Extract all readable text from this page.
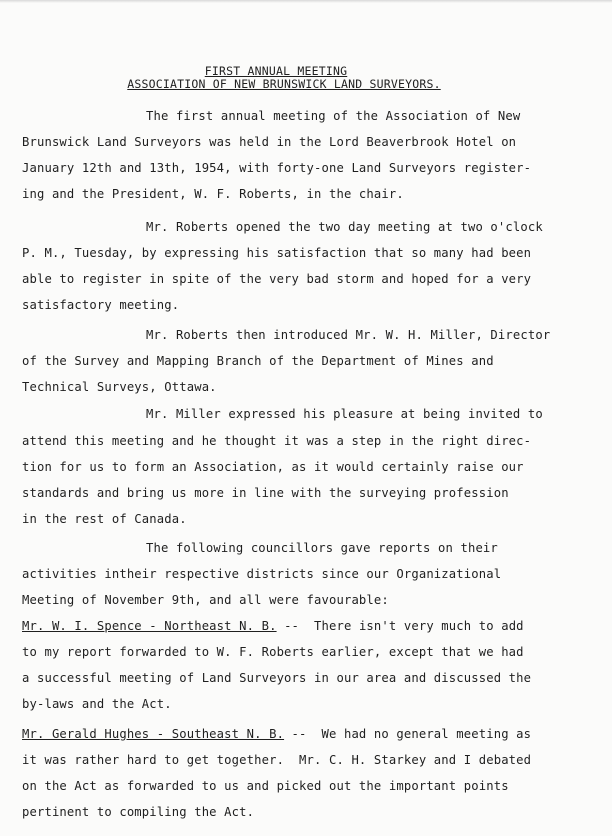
FIRST ANNUAL MEETING
ASSOCIATION OF NEW BRUNSWICK LAND SURVEYORS.
The first annual meeting of the Association of New
Brunswick Land Surveyors was held in the Lord Beaverbrook Hotel on
January 12th and 13th, 1954, with forty-one Land Surveyors register-
ing and the President, W. F. Roberts, in the chair.
Mr. Roberts opened the two day meeting at two o'clock
P. M., Tuesday, by expressing his satisfaction that so many had been
able to register in spite of the very bad storm and hoped for a very
satisfactory meeting.
Mr. Roberts then introduced Mr. W. H. Miller, Director
of the Survey and Mapping Branch of the Department of Mines and
Technical Surveys, Ottawa.
Mr. Miller expressed his pleasure at being invited to
attend this meeting and he thought it was a step in the right direc-
tion for us to form an Association, as it would certainly raise our
standards and bring us more in line with the surveying profession
in the rest of Canada.
The following councillors gave reports on their
activities intheir respective districts since our Organizational
Meeting of November 9th, and all were favourable:
Mr. W. I. Spence - Northeast N. B. --  There isn't very much to add
to my report forwarded to W. F. Roberts earlier, except that we had
a successful meeting of Land Surveyors in our area and discussed the
by-laws and the Act.
Mr. Gerald Hughes - Southeast N. B. --  We had no general meeting as
it was rather hard to get together.  Mr. C. H. Starkey and I debated
on the Act as forwarded to us and picked out the important points
pertinent to compiling the Act.
